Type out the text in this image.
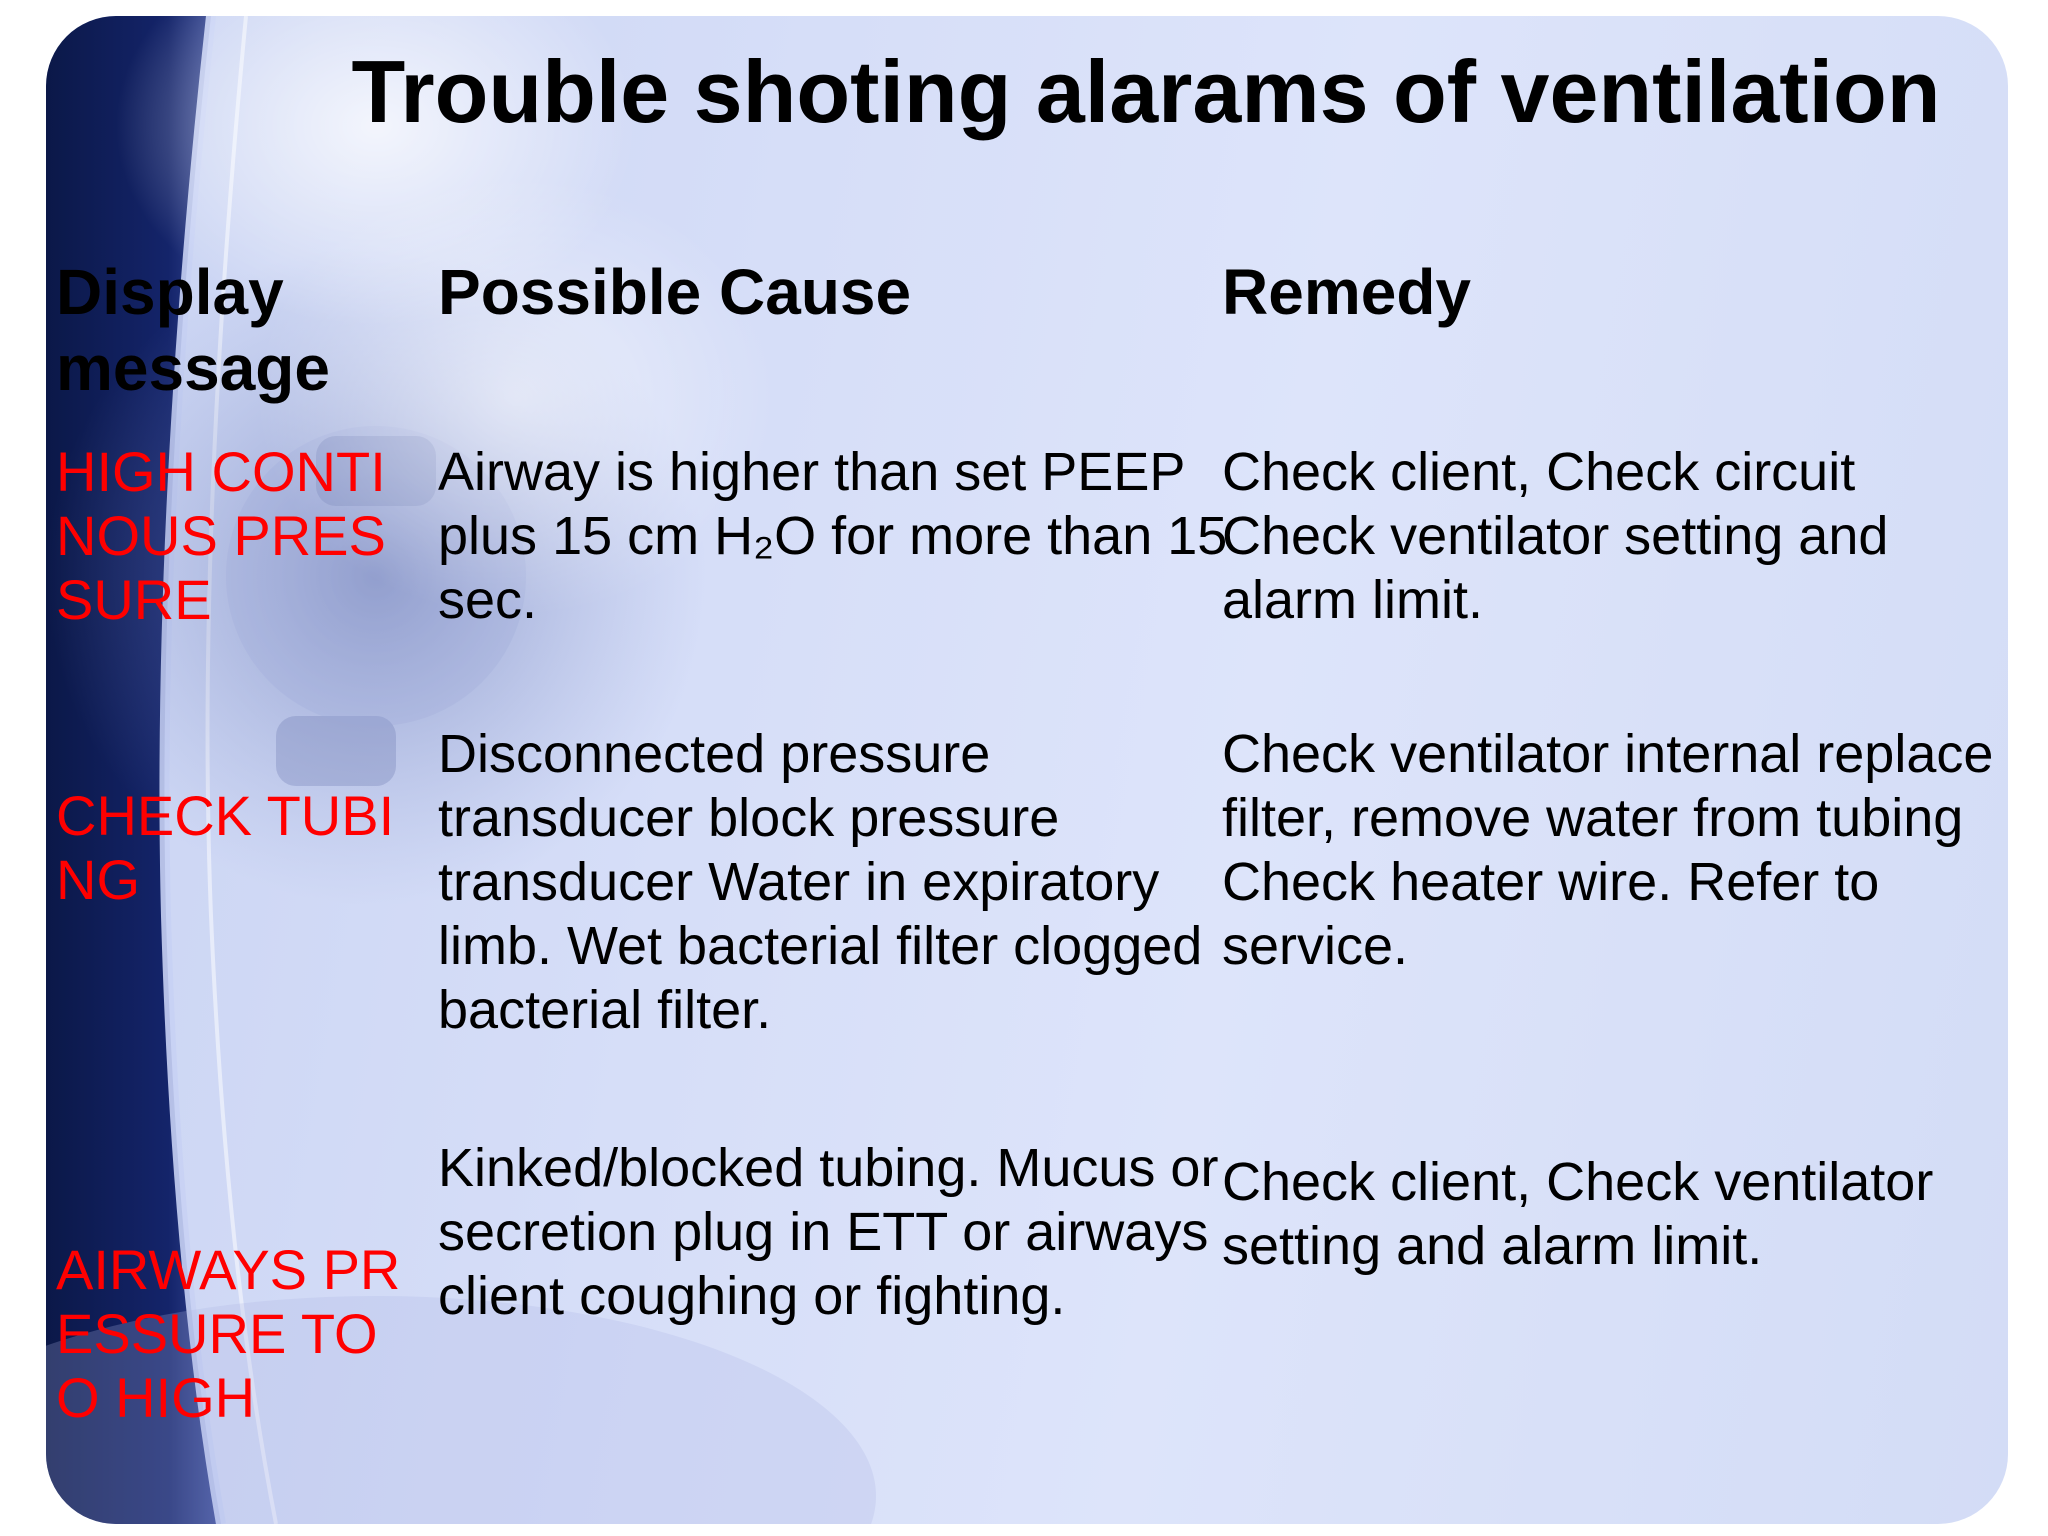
Trouble shoting alarams of ventilation
Display message
Possible Cause	Remedy
HIGH CONTINOUS PRESSURE
Airway is higher than set PEEP plus 15 cm H₂O for more than 15 sec.
Check client, Check circuit Check ventilator setting and alarm limit.
CHECK TUBING
Disconnected pressure transducer block pressure transducer Water in expiratory limb. Wet bacterial filter clogged bacterial filter.
Check ventilator internal replace filter, remove water from tubing Check heater wire. Refer to service.
AIRWAYS PRESSURE TOO HIGH
Kinked/blocked tubing. Mucus or secretion plug in ETT or airways client coughing or fighting.
Check client, Check ventilator setting and alarm limit.
